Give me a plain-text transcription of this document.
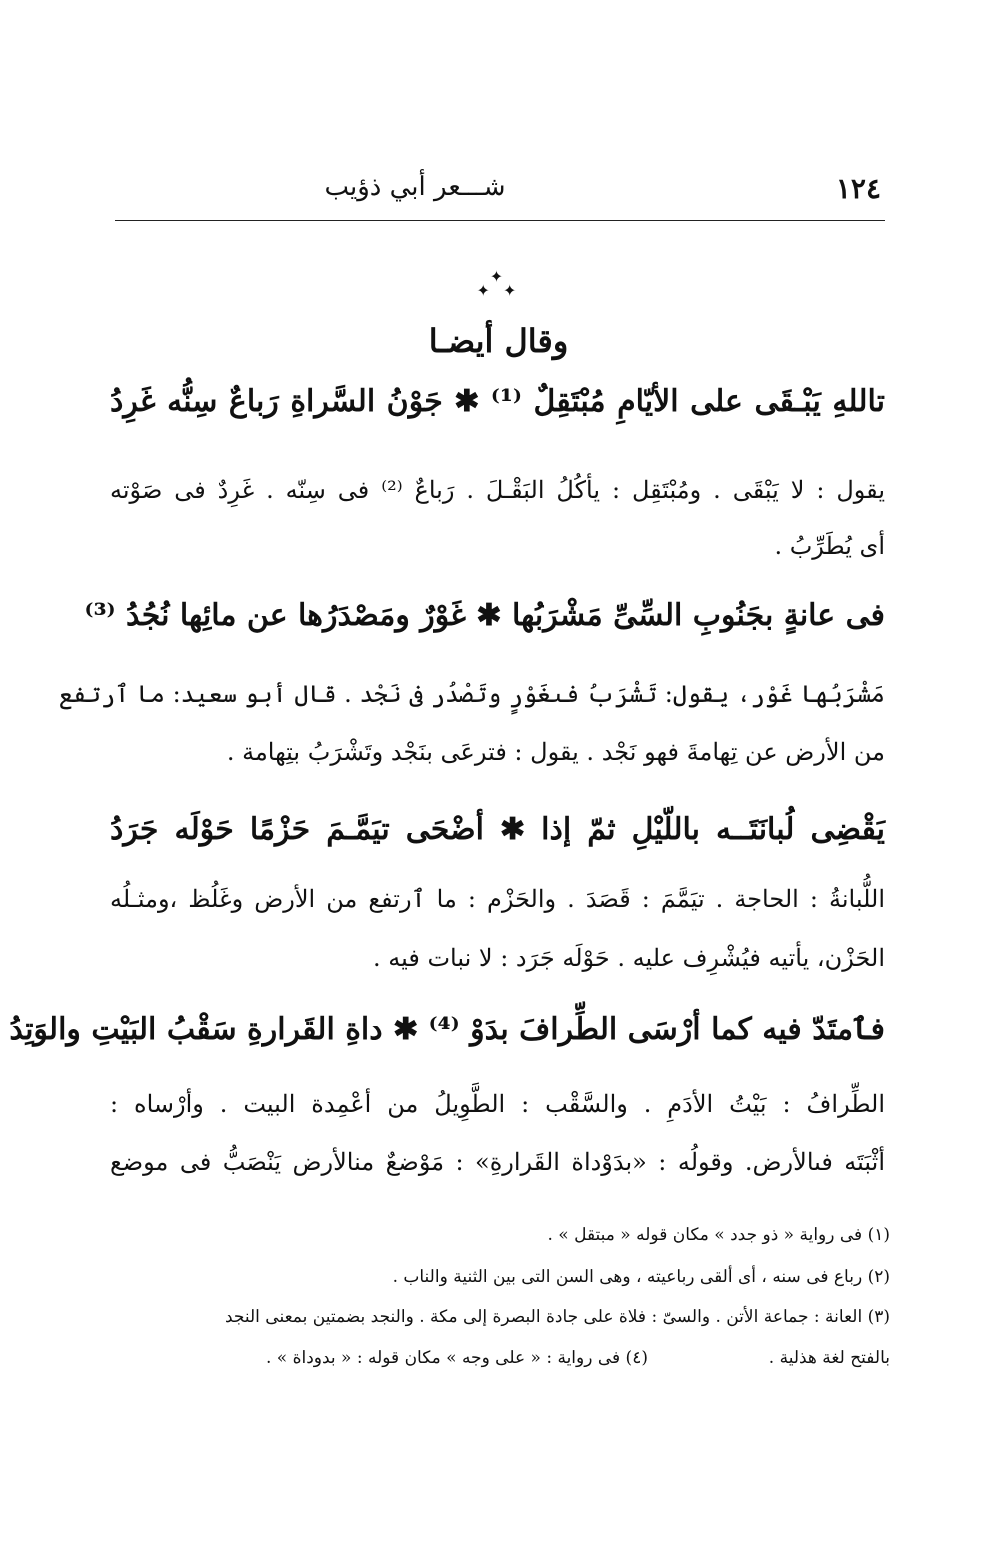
١٢٤
شـــعر أبي ذؤيب
✦
✦ ✦
وقال أيضـا
تاللهِ يَبْـقَى على الأيّامِ مُبْتَقِلٌ ⁽¹⁾ ✱ جَوْنُ السَّراةِ رَباعٌ سِنُّه غَرِدُ
يقول : لا يَبْقَى . ومُبْتَقِل : يأكُلُ البَقْـلَ . رَباعٌ ⁽²⁾ فى سِنّه . غَرِدٌ فى صَوْته
أى يُطَرِّبُ .
فى عانةٍ بجَنُوبِ السِّىِّ مَشْرَبُها ✱ غَوْرٌ ومَصْدَرُها عن مائِها نُجُدُ ⁽³⁾
مَشْرَبُها غَوْر، يقول: تَشْرَبُ فىغَوْرٍ وتَصْدُر فى نَجْد . قال أبو سعيد: ما ٱرتفع
من الأرض عن تِهامةَ فهو نَجْد . يقول : فترعَى بنَجْد وتَشْرَبُ بتِهامة .
يَقْضِى لُبانَتَــه باللّيْلِ ثمّ إذا ✱ أضْحَى تيَمَّـمَ حَزْمًا حَوْلَه جَرَدُ
اللُّبانةُ : الحاجة . تيَمَّمَ : قَصَدَ . والحَزْم : ما ٱرتفع من الأرض وغَلُظ ،ومثـلُه
الحَزْن، يأتيه فيُشْرِف عليه . حَوْلَه جَرَد : لا نبات فيه .
فٱمتَدّ فيه كما أرْسَى الطِّرافَ بدَوْ ⁽⁴⁾ ✱ داةِ القَرارةِ سَقْبُ البَيْتِ والوَتِدُ
الطِّرافُ : بَيْتُ الأدَمِ . والسَّقْب : الطَّوِيلُ من أعْمِدة البيت . وأرْساه :
أثْبَتَه فىالأرض. وقولُه : «بدَوْداة القَرارةِ» : مَوْضعٌ منالأرض يَنْصَبُّ فى موضع
(١) فى رواية « ذو جدد » مكان قوله « مبتقل » .
(٢) رباع فى سنه ، أى ألقى رباعيته ، وهى السن التى بين الثنية والناب .
(٣) العانة : جماعة الأتن . والسىّ : فلاة على جادة البصرة إلى مكة . والنجد بضمتين بمعنى النجد
بالفتح لغة هذلية .  (٤) فى رواية : « على وجه » مكان قوله : « بدوداة » .
